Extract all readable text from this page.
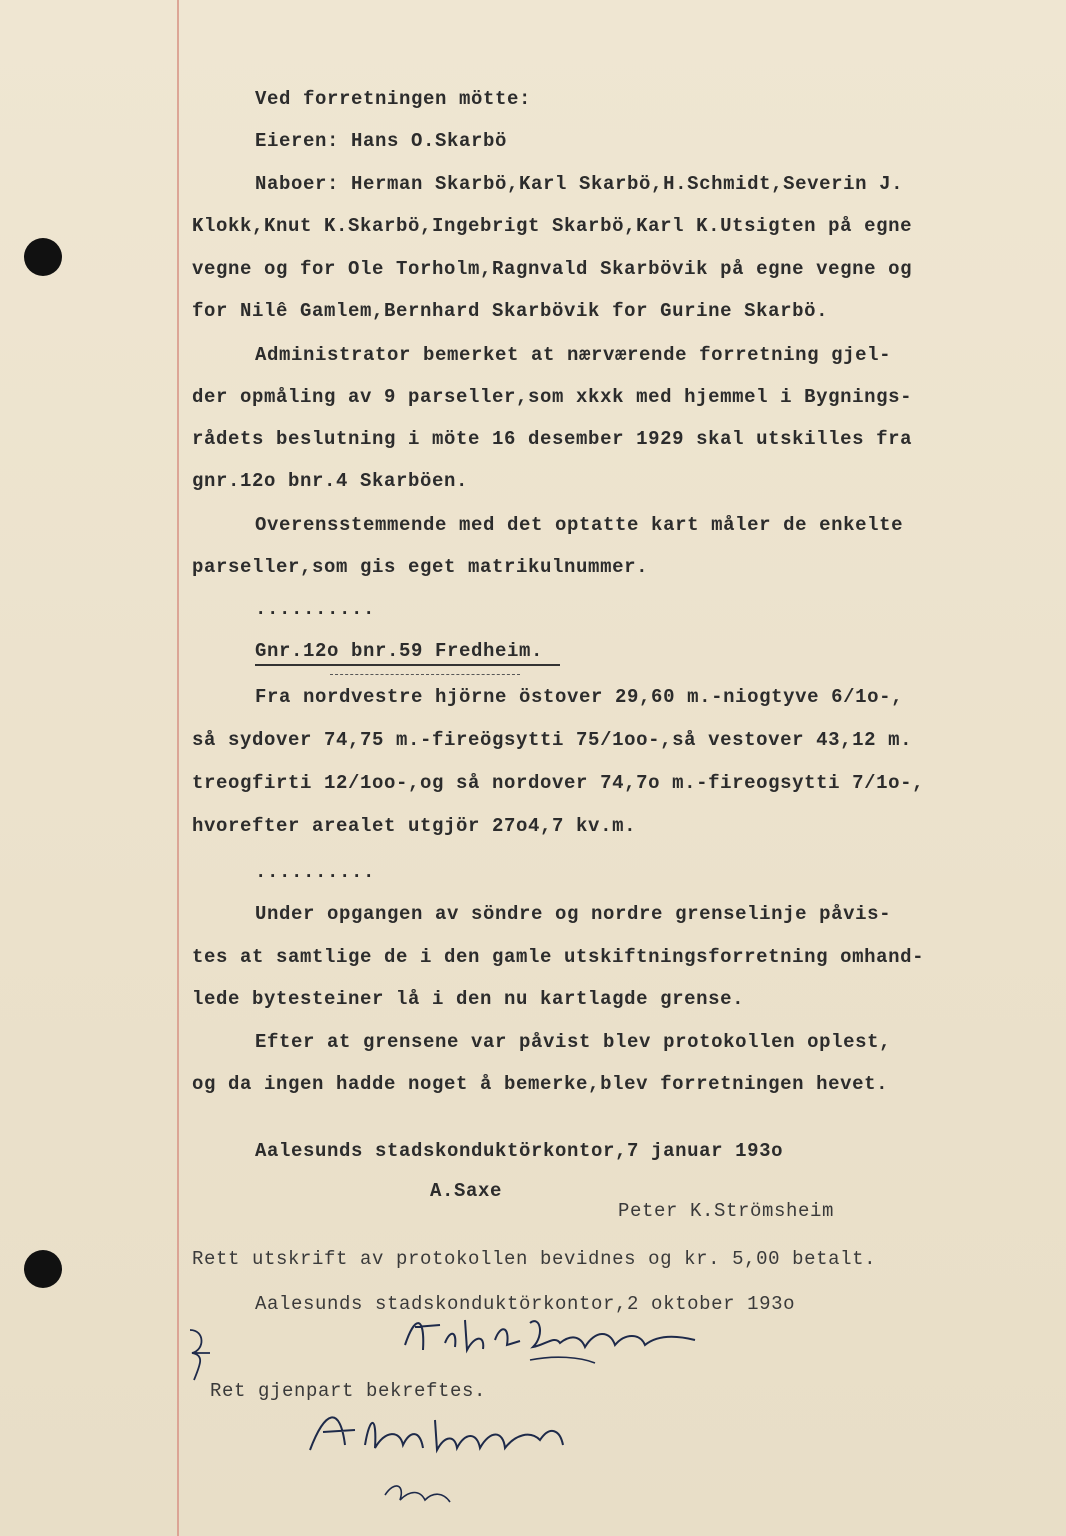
Ved forretningen mötte:
Eieren: Hans O.Skarbö
Naboer: Herman Skarbö,Karl Skarbö,H.Schmidt,Severin J.
Klokk,Knut K.Skarbö,Ingebrigt Skarbö,Karl K.Utsigten på egne
vegne og for Ole Torholm,Ragnvald Skarbövik på egne vegne og
for Nilê Gamlem,Bernhard Skarbövik for Gurine Skarbö.
Administrator bemerket at nærværende forretning gjel-
der opmåling av 9 parseller,som xkxk med hjemmel i Bygnings-
rådets beslutning i möte 16 desember 1929 skal utskilles fra
gnr.12o bnr.4 Skarböen.
Overensstemmende med det optatte kart måler de enkelte
parseller,som gis eget matrikulnummer.
..........
Gnr.12o bnr.59 Fredheim.
Fra nordvestre hjörne östover 29,60 m.-niogtyve 6/1o-,
så sydover 74,75 m.-fireögsytti 75/1oo-,så vestover 43,12 m.
treogfirti 12/1oo-,og så nordover 74,7o m.-fireogsytti 7/1o-,
hvorefter arealet utgjör 27o4,7 kv.m.
..........
Under opgangen av söndre og nordre grenselinje påvis-
tes at samtlige de i den gamle utskiftningsforretning omhand-
lede bytesteiner lå i den nu kartlagde grense.
Efter at grensene var påvist blev protokollen oplest,
og da ingen hadde noget å bemerke,blev forretningen hevet.
Aalesunds stadskonduktörkontor,7 januar 193o
A.Saxe
Peter K.Strömsheim
Rett utskrift av protokollen bevidnes og kr. 5,00 betalt.
Aalesunds stadskonduktörkontor,2 oktober 193o
Ret gjenpart bekreftes.
